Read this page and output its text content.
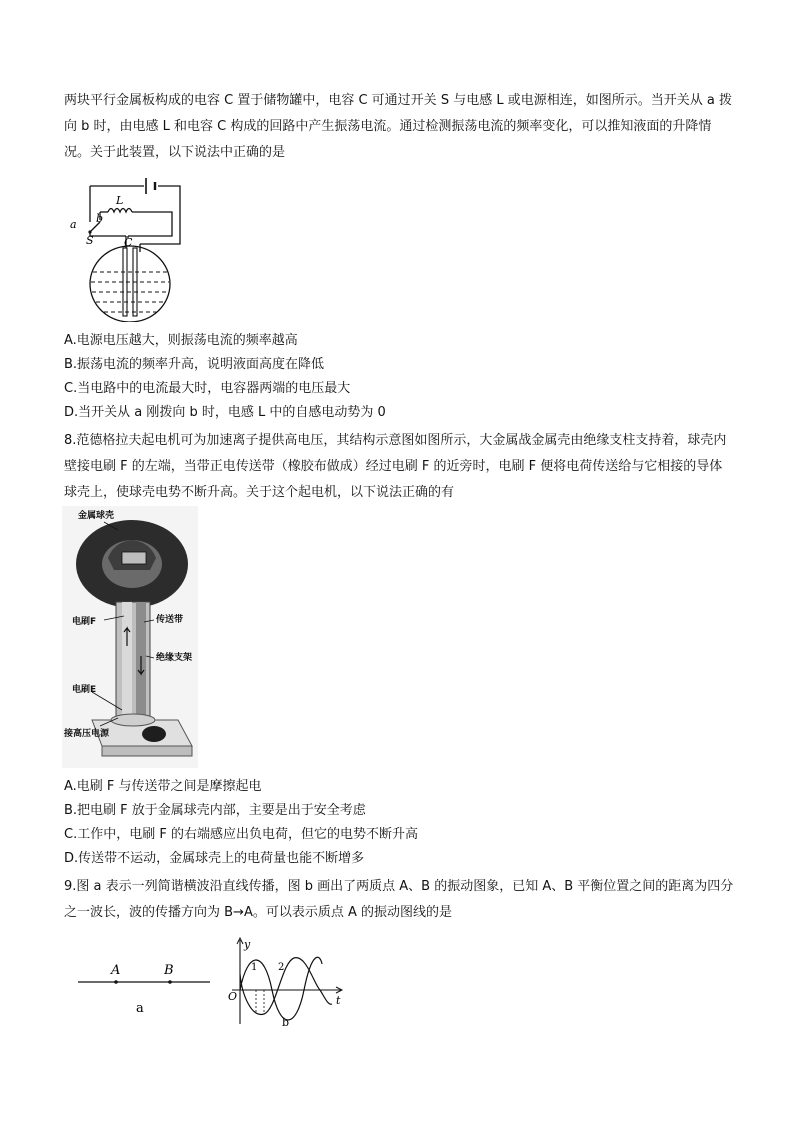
两块平行金属板构成的电容 C 置于储物罐中，电容 C 可通过开关 S 与电感 L 或电源相连，如图所示。当开关从 a 拨向 b 时，由电感 L 和电容 C 构成的回路中产生振荡电流。通过检测振荡电流的频率变化，可以推知液面的升降情况。关于此装置，以下说法中正确的是
a b
S
L
C
A.电源电压越大，则振荡电流的频率越高
B.振荡电流的频率升高，说明液面高度在降低
C.当电路中的电流最大时，电容器两端的电压最大
D.当开关从 a 刚拨向 b 时，电感 L 中的自感电动势为 0
8.范德格拉夫起电机可为加速离子提供高电压，其结构示意图如图所示，大金属战金属壳由绝缘支柱支持着，球壳内壁接电刷 F 的左端，当带正电传送带（橡胶布做成）经过电刷 F 的近旁时，电刷 F 便将电荷传送给与它相接的导体球壳上，使球壳电势不断升高。关于这个起电机，以下说法正确的有
金属球壳
电刷F	传送带
绝缘支架
电刷E
接高压电源
A.电刷 F 与传送带之间是摩擦起电
B.把电刷 F 放于金属球壳内部，主要是出于安全考虑
C.工作中，电刷 F 的右端感应出负电荷，但它的电势不断升高
D.传送带不运动，金属球壳上的电荷量也能不断增多
9.图 a 表示一列简谐横波沿直线传播，图 b 画出了两质点 A、B 的振动图象，已知 A、B 平衡位置之间的距离为四分之一波长，波的传播方向为 B→A。可以表示质点 A 的振动图线的是
A	B
a
y
t
O
1 2
b
